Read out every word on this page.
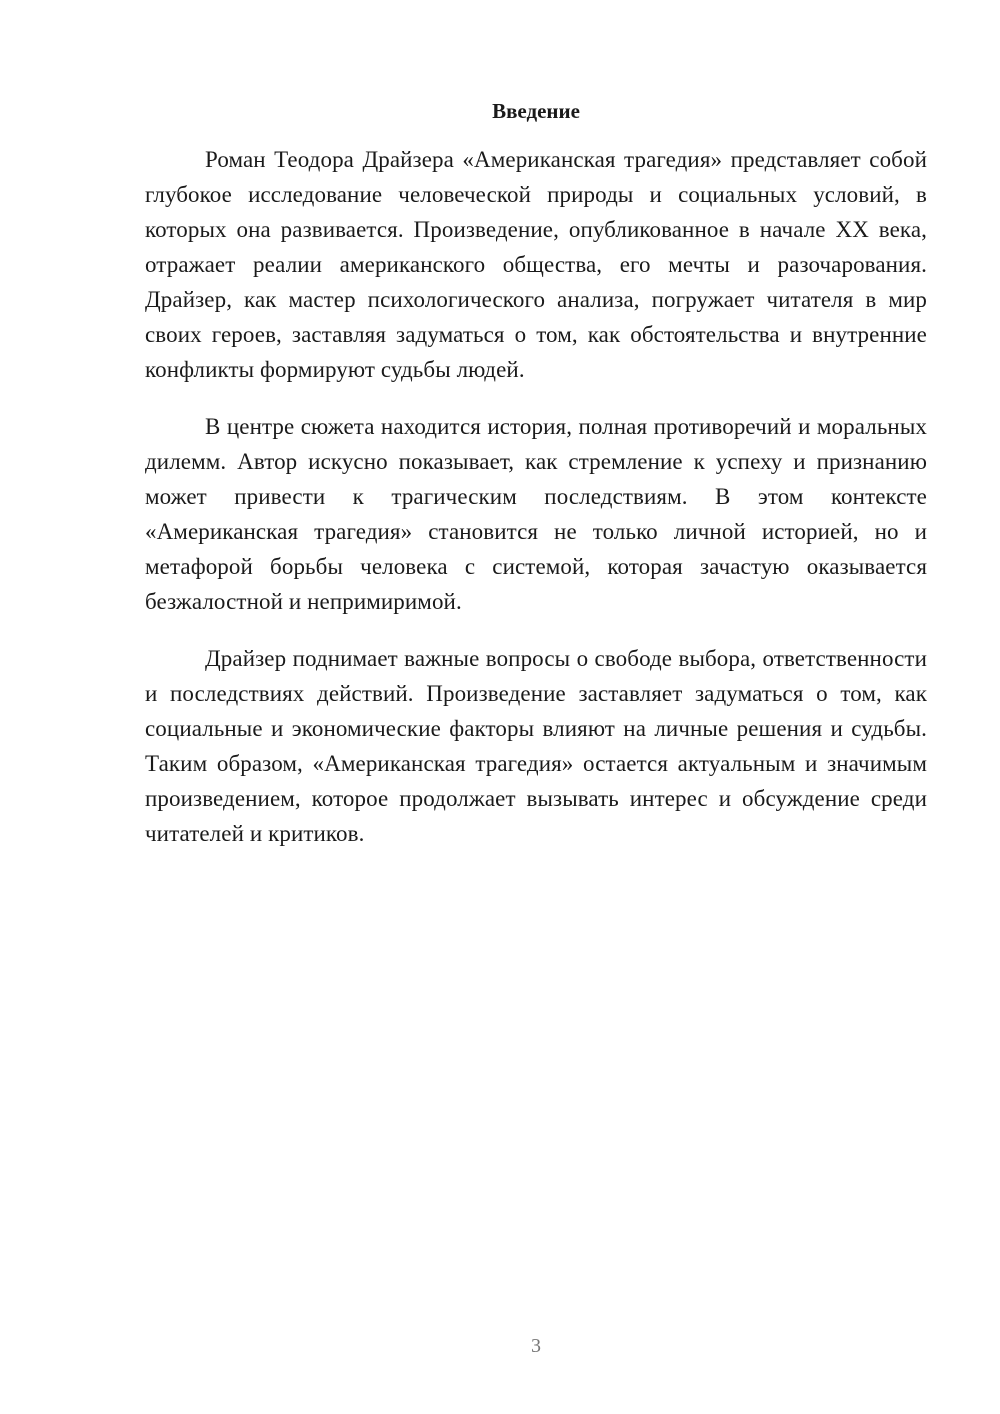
Введение

Роман Теодора Драйзера «Американская трагедия» представляет собой глубокое исследование человеческой природы и социальных условий, в которых она развивается. Произведение, опубликованное в начале XX века, отражает реалии американского общества, его мечты и разочарования. Драйзер, как мастер психологического анализа, погружает читателя в мир своих героев, заставляя задуматься о том, как обстоятельства и внутренние конфликты формируют судьбы людей.

В центре сюжета находится история, полная противоречий и моральных дилемм. Автор искусно показывает, как стремление к успеху и признанию может привести к трагическим последствиям. В этом контексте «Американская трагедия» становится не только личной историей, но и метафорой борьбы человека с системой, которая зачастую оказывается безжалостной и непримиримой.

Драйзер поднимает важные вопросы о свободе выбора, ответственности и последствиях действий. Произведение заставляет задуматься о том, как социальные и экономические факторы влияют на личные решения и судьбы. Таким образом, «Американская трагедия» остается актуальным и значимым произведением, которое продолжает вызывать интерес и обсуждение среди читателей и критиков.

3
